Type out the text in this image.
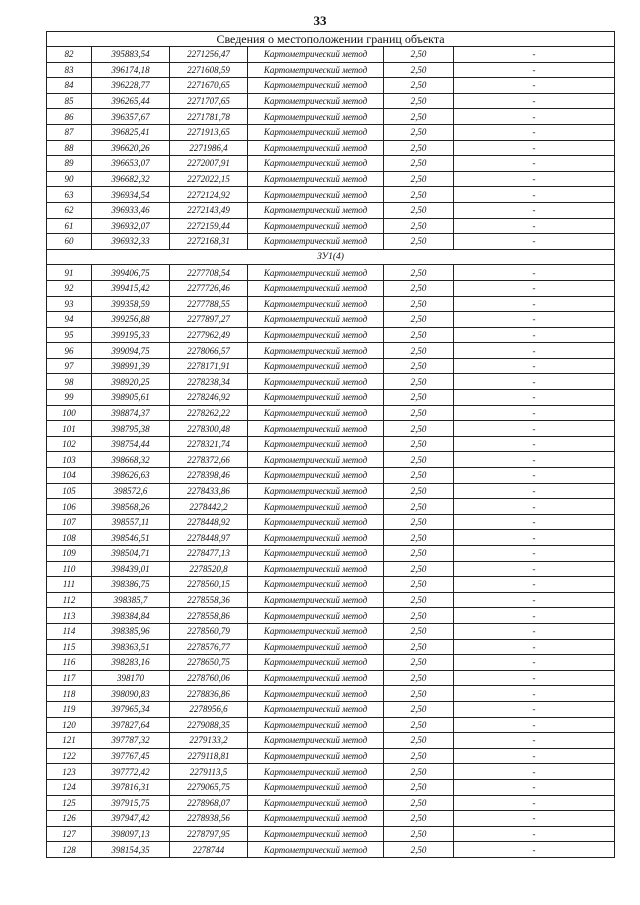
33
Сведения о местоположении границ объекта					
82	395883,54	2271256,47	Картометрический метод	2,50	-
83	396174,18	2271608,59	Картометрический метод	2,50	-
84	396228,77	2271670,65	Картометрический метод	2,50	-
85	396265,44	2271707,65	Картометрический метод	2,50	-
86	396357,67	2271781,78	Картометрический метод	2,50	-
87	396825,41	2271913,65	Картометрический метод	2,50	-
88	396620,26	2271986,4	Картометрический метод	2,50	-
89	396653,07	2272007,91	Картометрический метод	2,50	-
90	396682,32	2272022,15	Картометрический метод	2,50	-
63	396934,54	2272124,92	Картометрический метод	2,50	-
62	396933,46	2272143,49	Картометрический метод	2,50	-
61	396932,07	2272159,44	Картометрический метод	2,50	-
60	396932,33	2272168,31	Картометрический метод	2,50	-
ЗУ1(4)					
91	399406,75	2277708,54	Картометрический метод	2,50	-
92	399415,42	2277726,46	Картометрический метод	2,50	-
93	399358,59	2277788,55	Картометрический метод	2,50	-
94	399256,88	2277897,27	Картометрический метод	2,50	-
95	399195,33	2277962,49	Картометрический метод	2,50	-
96	399094,75	2278066,57	Картометрический метод	2,50	-
97	398991,39	2278171,91	Картометрический метод	2,50	-
98	398920,25	2278238,34	Картометрический метод	2,50	-
99	398905,61	2278246,92	Картометрический метод	2,50	-
100	398874,37	2278262,22	Картометрический метод	2,50	-
101	398795,38	2278300,48	Картометрический метод	2,50	-
102	398754,44	2278321,74	Картометрический метод	2,50	-
103	398668,32	2278372,66	Картометрический метод	2,50	-
104	398626,63	2278398,46	Картометрический метод	2,50	-
105	398572,6	2278433,86	Картометрический метод	2,50	-
106	398568,26	2278442,2	Картометрический метод	2,50	-
107	398557,11	2278448,92	Картометрический метод	2,50	-
108	398546,51	2278448,97	Картометрический метод	2,50	-
109	398504,71	2278477,13	Картометрический метод	2,50	-
110	398439,01	2278520,8	Картометрический метод	2,50	-
111	398386,75	2278560,15	Картометрический метод	2,50	-
112	398385,7	2278558,36	Картометрический метод	2,50	-
113	398384,84	2278558,86	Картометрический метод	2,50	-
114	398385,96	2278560,79	Картометрический метод	2,50	-
115	398363,51	2278576,77	Картометрический метод	2,50	-
116	398283,16	2278650,75	Картометрический метод	2,50	-
117	398170	2278760,06	Картометрический метод	2,50	-
118	398090,83	2278836,86	Картометрический метод	2,50	-
119	397965,34	2278956,6	Картометрический метод	2,50	-
120	397827,64	2279088,35	Картометрический метод	2,50	-
121	397787,32	2279133,2	Картометрический метод	2,50	-
122	397767,45	2279118,81	Картометрический метод	2,50	-
123	397772,42	2279113,5	Картометрический метод	2,50	-
124	397816,31	2279065,75	Картометрический метод	2,50	-
125	397915,75	2278968,07	Картометрический метод	2,50	-
126	397947,42	2278938,56	Картометрический метод	2,50	-
127	398097,13	2278797,95	Картометрический метод	2,50	-
128	398154,35	2278744	Картометрический метод	2,50	-
